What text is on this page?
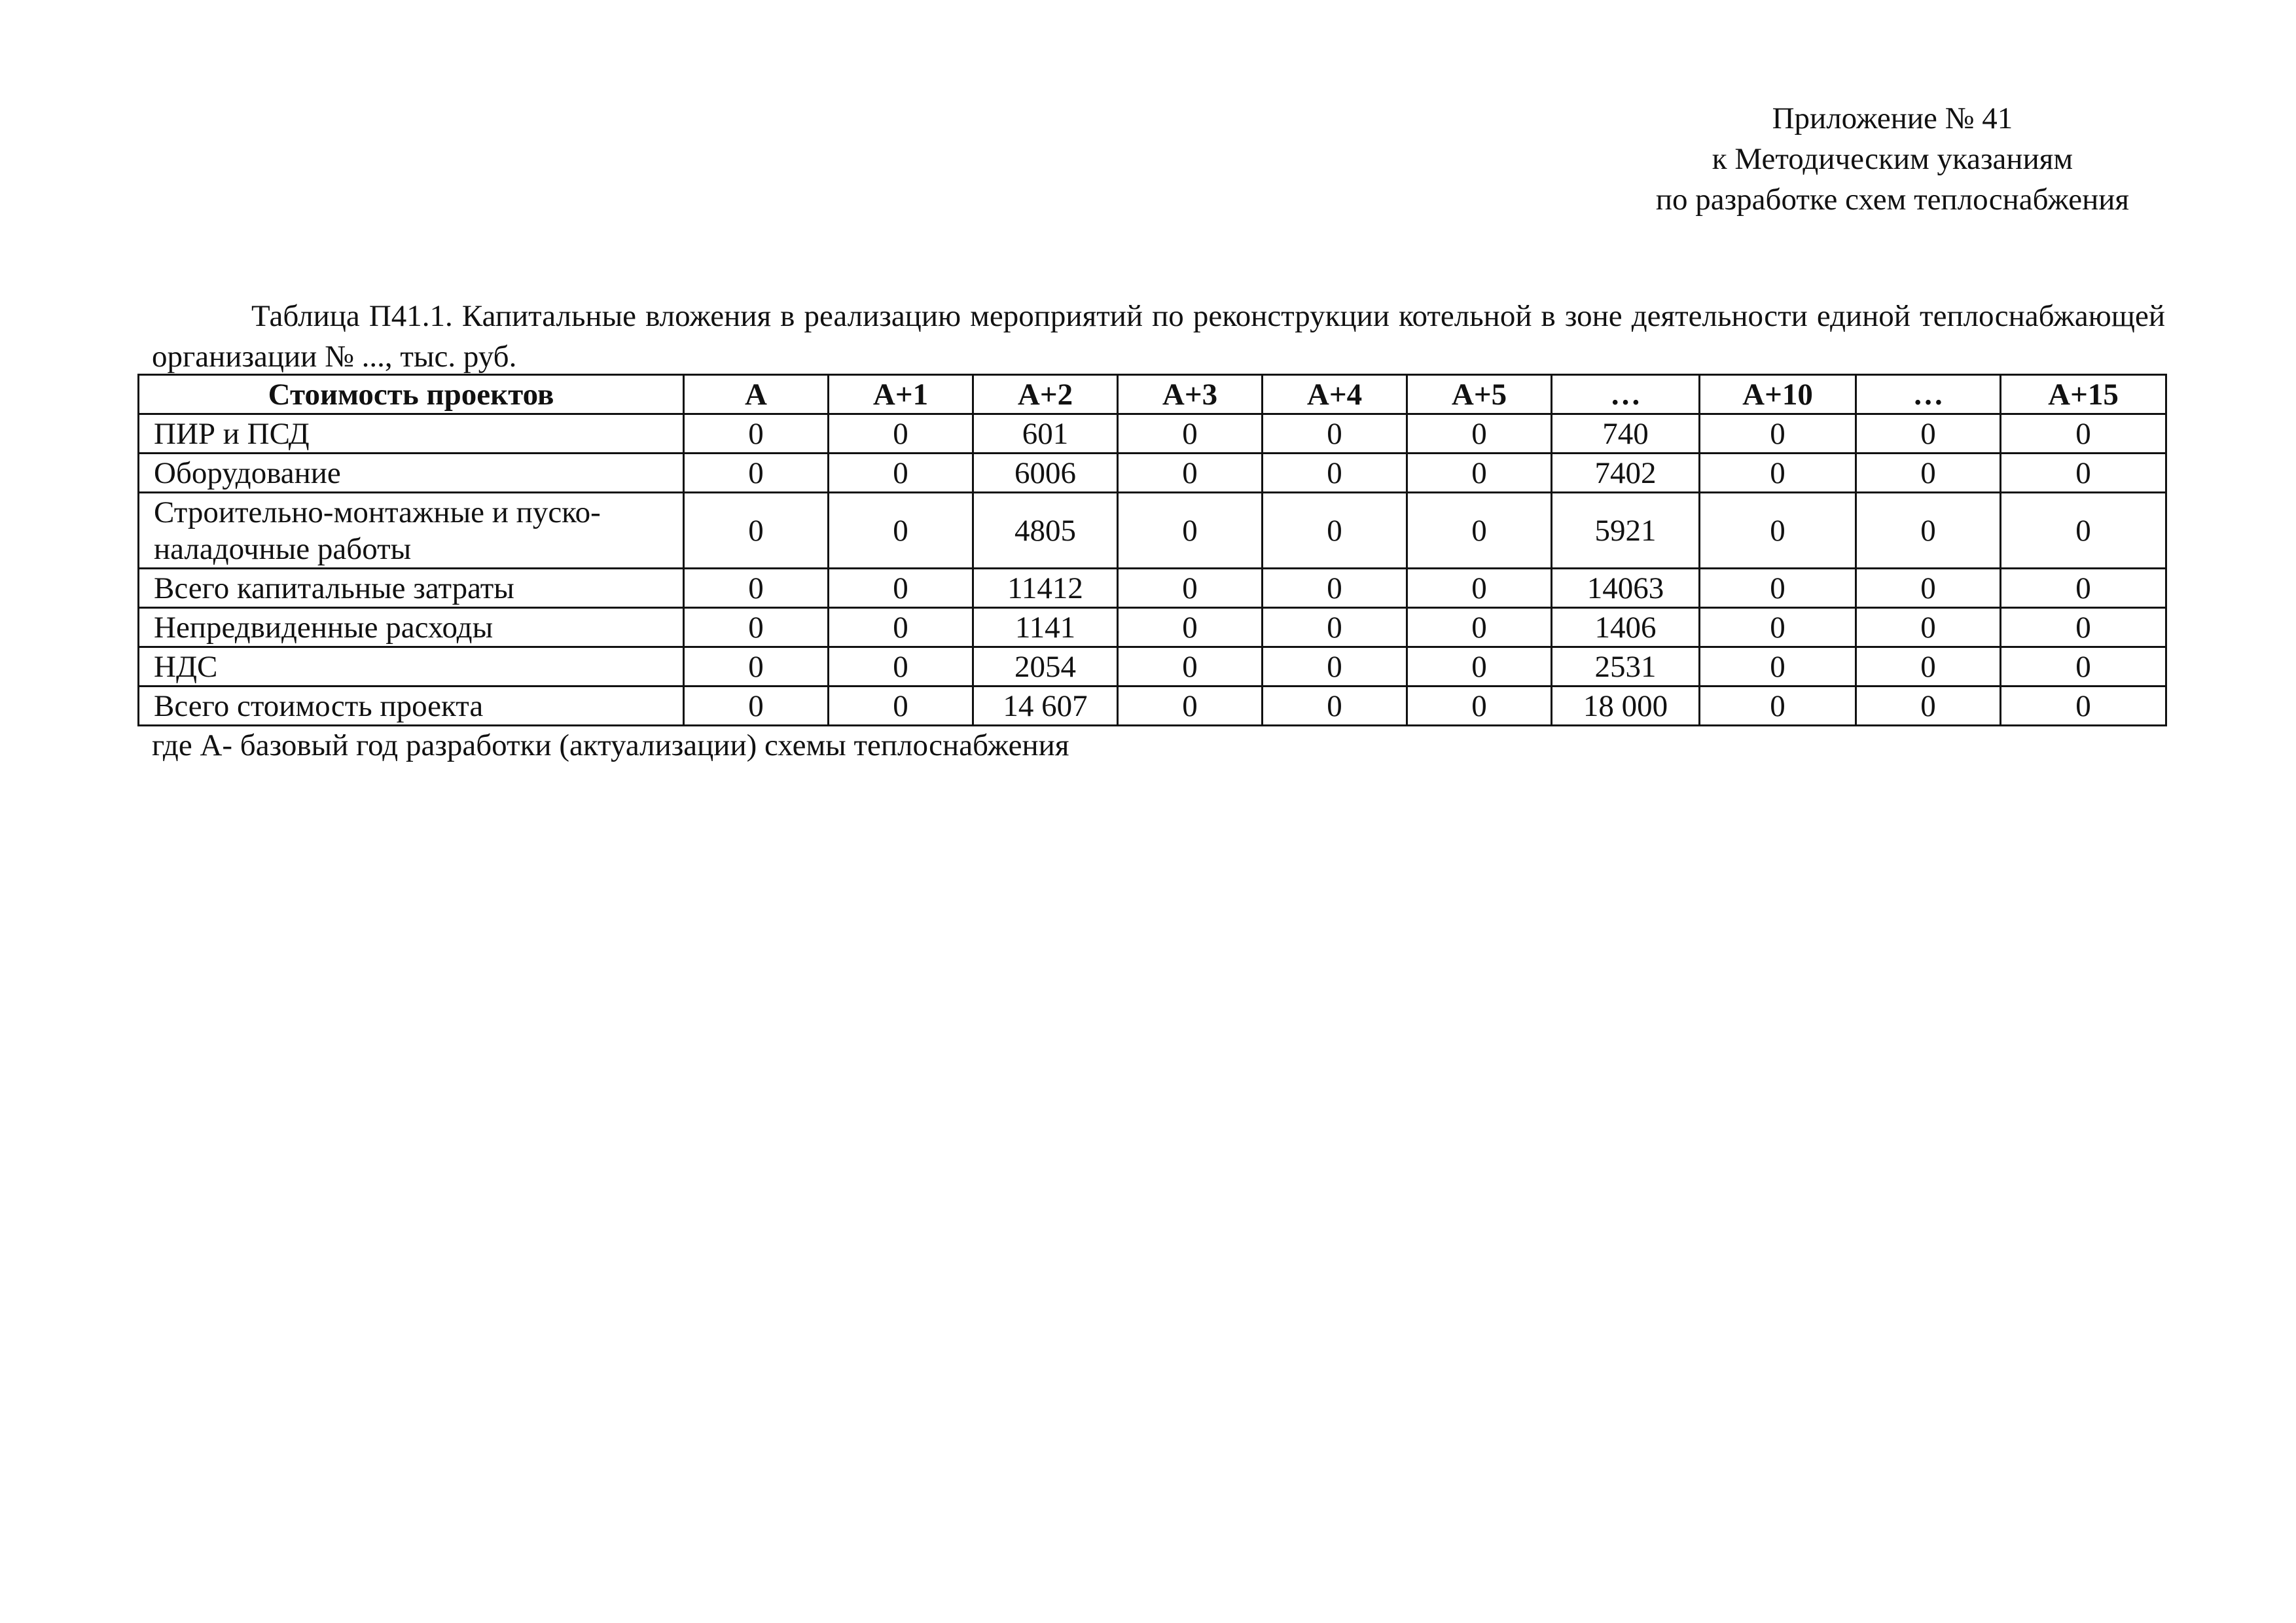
Приложение № 41
к Методическим указаниям
по разработке схем теплоснабжения
Таблица П41.1. Капитальные вложения в реализацию мероприятий по реконструкции котельной в зоне деятельности единой теплоснабжающей организации № ..., тыс. руб.
Стоимость проектов	А	А+1	А+2	А+3	А+4	А+5	…	А+10	…	А+15
ПИР и ПСД	0	0	601	0	0	0	740	0	0	0
Оборудование	0	0	6006	0	0	0	7402	0	0	0
Строительно-монтажные и пуско-наладочные работы	0	0	4805	0	0	0	5921	0	0	0
Всего капитальные затраты	0	0	11412	0	0	0	14063	0	0	0
Непредвиденные расходы	0	0	1141	0	0	0	1406	0	0	0
НДС	0	0	2054	0	0	0	2531	0	0	0
Всего стоимость проекта	0	0	14 607	0	0	0	18 000	0	0	0
где А- базовый год разработки (актуализации) схемы теплоснабжения
